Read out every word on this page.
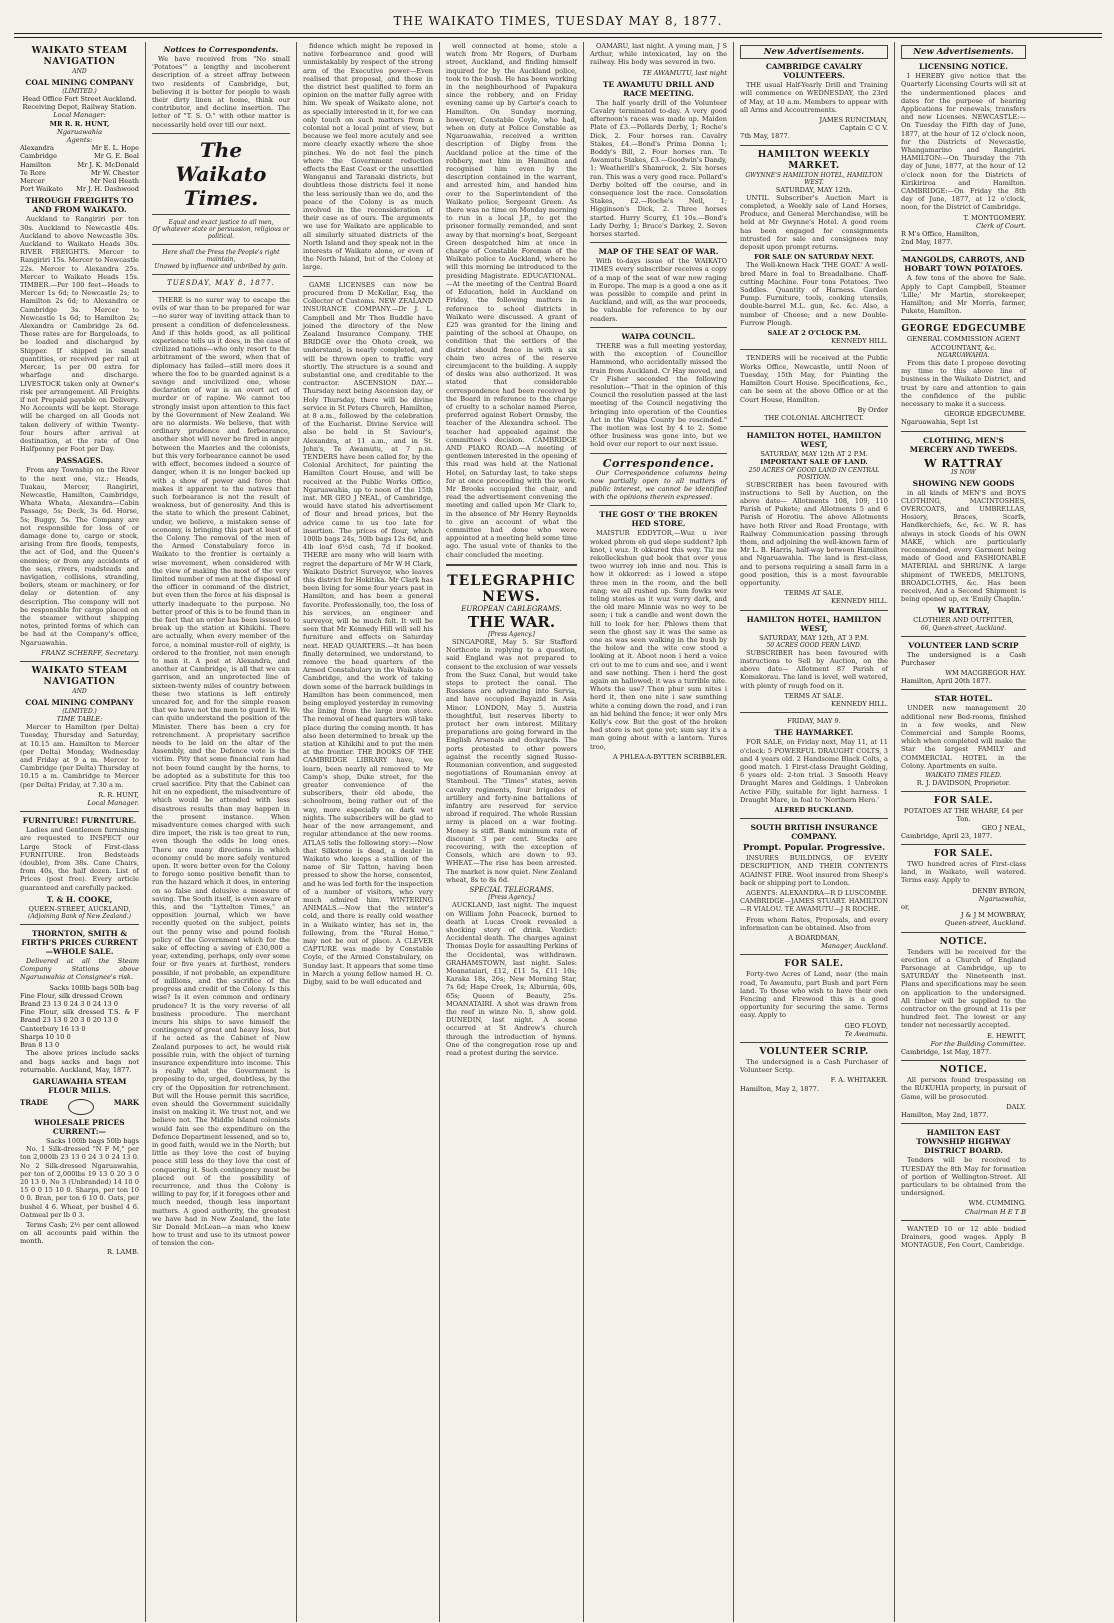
THE WAIKATO TIMES, TUESDAY MAY 8, 1877.
WAIKATO STEAM NAVIGATION
AND
COAL MINING COMPANY
(LIMITED.)
Head Office Fort Street Auckland.
Receiving Depot, Railway Station.
Local Manager:
MR R. R. HUNT,
Ngaruawahia
Agents:
Alexandra	Mr E. L. Hope
Cambridge	Mr G. E. Beal
Hamilton	Mr J. K. McDonald
Te Rore	Mr W. Chester
Mercer	Mr Neil Heath
Port Waikato Mr J. H. Dashwood
THROUGH FREIGHTS TO AND FROM WAIKATO.
Auckland to Rangiriri per ton 30s. Auckland to Newcastle 40s. Auckland to above Newcastle 30s. Auckland to Waikato Heads 30s. RIVER FREIGHTS. Mercer to Rangiriri 15s. Mercer to Newcastle 22s. Mercer to Alexandra 25s. Mercer to Waikato Heads 15s. TIMBER.—Per 100 feet—Heads to Mercer 1s 6d; to Newcastle 2s; to Hamilton 2s 6d; to Alexandra or Cambridge 3s. Mercer to Newcastle 1s 6d; to Hamilton 2s; Alexandra or Cambridge 2s 6d. These rates are for Bargeloads, to be loaded and discharged by Shipper. If shipped in small quantities, or received per rail at Mercer, 1s per 00 extra for wharfage and discharge. LIVESTOCK taken only at Owner's risk per arrangement. All Freights if not Prepaid payable on Delivery. No Accounts will be kept. Storage will be charged on all Goods not taken delivery of within Twenty-four hours after arrival at destination, at the rate of One Halfpenny per Foot per Day.
PASSAGES.
From any Township on the River to the next one, viz.: Heads, Tuakau, Mercer, Rangiriri, Newcastle, Hamilton, Cambridge, Whata Whata, Alexandra—Cabin Passage, 5s; Deck, 3s 6d. Horse, 5s; Buggy, 5s. The Company are not responsible for loss of or damage done to, cargo or stock, arising from fire floods, tempests, the act of God, and the Queen's enemies; or from any accidents of the seas, rivers, roadsteads and navigation, collisions, stranding, boilers, steam or machinery, or for delay or detention of any description. The company will not be responsible for cargo placed on the steamer without shipping notes, printed forms of which can be had at the Company's office, Ngaruawahia.
FRANZ SCHERFF, Secretary.
WAIKATO STEAM NAVIGATION
AND
COAL MINING COMPANY
(LIMITED.)
TIME TABLE:
Mercer to Hamilton (per Delta) Tuesday, Thursday and Saturday, at 10.15 am. Hamilton to Mercer (per Delta) Monday, Wednesday and Friday at 9 a m. Mercer to Cambridge (per Delta) Thursday at 10.15 a m. Cambridge to Mercer (per Delta) Friday, at 7.30 a m.
R. R. HUNT,
Local Manager.
FURNITURE! FURNITURE.
Ladies and Gentlemen furnishing are requested to INSPECT our Large Stock of First-class FURNITURE. Iron Bedsteads (double), from 38s. Cane Chairs, from 40s, the half dozen. List of Prices (post free). Every article guaranteed and carefully packed.
T. & H. COOKE,
QUEEN-STREET, AUCKLAND,
(Adjoining Bank of New Zealand.)
THORNTON, SMITH & FIRTH'S PRICES CURRENT—WHOLE SALE.
Delivered at all the Steam Company Stations above Ngaruawahia at Consignee's risk.
Sacks 100lb bags 50lb bag
Fine Flour, silk dressed Crown
Brand 23 13 0 24 3 0 24 13 0
Fine Flour, silk dressed T.S. & F Brand 23 13 0 20 3 0 20 13 0
Canterbury 16 13 0
Sharps 10 10 0
Bran 8 13 0
The above prices include sacks and bags sacks and bags not returnable. Auckland, May, 1877.
GARUAWAHIA STEAM FLOUR MILLS.
TRADE	MARK
WHOLESALE PRICES CURRENT:—
Sacks 100lb bags 50lb bags
No. 1 Silk-dressed "N F M," per ton 2,000lb 23 13 0 24 3 0 24 13 0. No 2 Silk-dressed Ngaruawahia, per ton of 2,000lbs 19 13 0 20 3 0 20 13 0. No 3 (Unbranded) 14 10 0 15 0 0 15 10 0. Sharps, per ton 10 0 0. Bran, per ton 6 10 0. Oats, per bushel 4 6. Wheat, per bushel 4 6. Oatmeal per lb 0 3.
Terms Cash; 2½ per cent allowed on all accounts paid within the month.
R. LAMB.
Notices to Correspondents.
We have received from "No small 'Potatoes'" a lengthy and incoherent description of a street affray between two residents of Cambridge, but, believing it is better for people to wash their dirty linen at home, think our contributor, and decline insertion. The letter of "T. S. O." with other matter is necessarily held over till our next.
The Waikato Times.
Equal and exact justice to all men,
Of whatever state or persuasion, religious or political.
Here shall the Press the People's right maintain,
Unawed by influence and unbribed by gain.
TUESDAY, MAY 8, 1877.
THERE is no surer way to escape the evils of war than to be prepared for war—no surer way of inviting attack than to present a condition of defencelessness. And if this holds good, as all political experience tells us it does, in the case of civilized nations—who only resort to the arbitrament of the sword, when that of diplomacy has failed—still more does it where the foe to be guarded against is a savage and uncivilized one, whose declaration of war is an overt act of murder or of rapine. We cannot too strongly insist upon attention to this fact by the Government of New Zealand. We are no alarmists. We believe, that with ordinary prudence and forbearance, another shot will never be fired in anger between the Maories and the colonists, but this very forbearance cannot be used with effect, becomes indeed a source of danger, when it is no longer backed up with a show of power and force that makes it apparent to the natives that such forbearance is not the result of weakness, but of generosity. And this is the state to which the present Cabinet, under, we believe, a mistaken sense of economy, is bringing this part at least of the Colony. The removal of the men of the Armed Constabulary force in Waikato to the frontier is certainly a wise movement, when considered with the view of making the most of the very limited number of men at the disposal of the officer in command of the district, but even then the force at his disposal is utterly inadequate to the purpose. No better proof of this is to be found than in the fact that an order has been issued to break up the station at Kihikihi. There are actually, when every member of the force, a nominal muster-roll of eighty, is ordered to the frontier, not men enough to man it. A post at Alexandra, and another at Cambridge, is all that we can garrison, and an unprotected line of sixteen-twenty miles of country between these two stations is left entirely uncared for, and for the simple reason that we have not the men to guard it. We can quite understand the position of the Minister. There has been a cry for retrenchment. A proprietary sacrifice needs to be laid on the altar of the Assembly, and the Defence vote is the victim. Pity that some financial ram had not been found caught by the horns, to be adopted as a substitute for this too cruel sacrifice. Pity that the Cabinet can hit on no expedient, the misadventure of which would be attended with less disastrous results than may happen in the present instance. When misadventure comes charged with such dire import, the risk is too great to run, even though the odds be long ones. There are many directions in which economy could be more safely ventured upon. It were better even for the Colony to forego some positive benefit than to run the hazard which it does, in entering on so false and delusive a measure of saving. The South itself, is even aware of this, and the "Lyttelton Times," an opposition journal, which we have recently quoted on the subject, points out the penny wise and pound foolish policy of the Government which for the sake of effecting a saving of £30,000 a year, extending, perhaps, only over some four or five years at furthest, renders possible, if not probable, an expenditure of millions, and the sacrifice of the progress and credit of the Colony. Is this wise? Is it even common and ordinary prudence? It is the very reverse of all business procedure. The merchant incurs his ships to save himself the contingency of great and heavy loss, but if he acted as the Cabinet of New Zealand purposes to act, he would risk possible ruin, with the object of turning insurance expenditure into income. This is really what the Government is proposing to do, urged, doubtless, by the cry of the Opposition for retrenchment. But will the House permit this sacrifice, even should the Government suicidally insist on making it. We trust not, and we believe not. The Middle Island colonists would fain see the expenditure on the Defence Department lessened, and so to, in good faith, would we in the North; but little as they love the cost of buying peace still less do they love the cost of conquering it. Such contingency must be placed out of the possibility of recurrence, and thus the Colony is willing to pay for, if it foregoes other and much needed, though less important matters. A good authority, the greatest we have had in New Zealand, the late Sir Donald McLean—a man who knew how to trust and use to its utmost power of tension the con-
fidence which might be reposed in native forbearance and good will unmistakably by respect of the strong arm of the Executive power—Even realised that proposal, and those in the district best qualified to form an opinion on the matter fully agree with him. We speak of Waikato alone, not as specially interested in it, for we can only touch on such matters from a colonial not a local point of view, but because we feel more acutely and see more clearly exactly where the shoe pinches. We do not feel the pinch where the Government reduction effects the East Coast or the unsettled Wanganui and Taranaki districts, but doubtless those districts feel it none the less seriously than we do, and the peace of the Colony is as much involved in the reconsideration of their case as of ours. The arguments we use for Waikato are applicable to all similarly situated districts of the North Island and they speak not in the interests of Waikato alone, or even of the North Island, but of the Colony at large.
GAME LICENSES can now be procured from D McKellar, Esq, the Collector of Customs. NEW ZEALAND INSURANCE COMPANY.—Dr J. L. Campbell and Mr Thos Buddle have joined the directory of the New Zealand Insurance Company. THE BRIDGE over the Ohoto creek, we understand, is nearly completed, and will be thrown open to traffic very shortly. The structure is a sound and substantial one, and creditable to the contractor. ASCENSION DAY.—Thursday next being Ascension day, or Holy Thursday, there will be divine service in St Peters Church, Hamilton, at 8 a.m., followed by the celebration of the Eucharist. Divine Service will also be held in St Saviour's, Alexandra, at 11 a.m., and in St. John's, Te Awamutu, at 7 p.m. TENDERS have been called for, by the Colonial Architect, for painting the Hamilton Court House, and will be received at the Public Works Office, Ngaruawahia, up to noon of the 15th inst. MR GEO J NEAL, of Cambridge, would have stated his advertisement of flour and bread prices, but the advice came to us too late for insertion. The prices of flour, which 100lb bags 24s, 50lb bags 12s 6d, and 4lb loaf 6½d cash, 7d if booked. THERE are many who will learn with regret the departure of Mr W H Clark, Waikato District Surveyor, who leaves this district for Hokitika. Mr Clark has been living for some four years past in Hamilton, and has been a general favorite. Professionally, too, the loss of his services, an engineer and surveyor, will be much felt. It will be seen that Mr Kennedy Hill will sell his furniture and effects on Saturday next. HEAD QUARTERS.—It has been finally determined, we understand, to remove the head quarters of the Armed Constabulary in the Waikato to Cambridge, and the work of taking down some of the barrack buildings in Hamilton has been commenced, men being employed yesterday in removing the lining from the large iron store. The removal of head quarters will take place during the coming month. It has also been determined to break up the station at Kihikihi and to put the men at the frontier. THE BOOKS OF THE CAMBRIDGE LIBRARY have, we learn, been nearly all removed to Mr Camp's shop, Duke street, for the greater convenience of the subscribers, their old abode, the schoolroom, being rather out of the way, more especially on dark wet nights. The subscribers will be glad to hear of the new arrangement, and regular attendance at the new rooms. ATLAS tells the following story:—Now that Silkstone is dead, a dealer in Waikato who keeps a stallion of the name of Sir Tatton, having been pressed to show the horse, consented, and he was led forth for the inspection of a number of visitors, who very much admired him. WINTERING ANIMALS.—Now that the winter's cold, and there is really cold weather in a Waikato winter, has set in, the following, from the "Rural Home," may not be out of place. A CLEVER CAPTURE was made by Constable Coyle, of the Armed Constabulary, on Sunday last. It appears that some time in March a young fellow named H. O. Digby, said to be well educated and
well connected at home, stole a watch from Mr Rogers, of Durham street, Auckland, and finding himself inquired for by the Auckland police, took to the bush. He has been working in the neighbourhood of Papakura since the robbery, and on Friday evening came up by Carter's coach to Hamilton. On Sunday morning, however, Constable Coyle, who had, when on duty at Police Constable as Ngaruawahia, received a written description of Digby from the Auckland police at the time of the robbery, met him in Hamilton and recognised him even by the description contained in the warrant, and arrested him, and handed him over to the Superintendent of the Waikato police, Sergeant Green. As there was no time on Monday morning to run in a local J.P., to get the prisoner formally remanded, and sent away by that morning's boat, Sergeant Green despatched him at once in charge of Constable Foreman of the Waikato police to Auckland, where he will this morning be introduced to the presiding Magistrate. EDUCATIONAL.—At the meeting of the Central Board of Education, held in Auckland on Friday, the following matters in reference to school districts in Waikato were discussed. A grant of £25 was granted for the lining and painting of the school at Ohaupo, on condition that the settlers of the district should fence in with a six chain two acres of the reserve circumjacent to the building. A supply of desks was also authorized. It was stated that considerable correspondence had been received by the Board in reference to the charge of cruelty to a scholar named Pierce, preferred against Robert Ormsby, the teacher of the Alexandra school. The teacher had appealed against the committee's decision. CAMBRIDGE AND PIAKO ROAD.—A meeting of gentlemen interested in the opening of this road was held at the National Hotel, on Saturday last, to take steps for at once proceeding with the work. Mr Brooks occupied the chair, and read the advertisement convening the meeting and called upon Mr Clark to, in the absence of Mr Henry Reynolds to give an account of what the committee had done who were appointed at a meeting held some time ago. The usual vote of thanks to the chair concluded the meeting.
TELEGRAPHIC NEWS.
EUROPEAN CABLEGRAMS.
THE WAR.
[Press Agency.]
SINGAPORE, May 5. Sir Stafford Northcote in replying to a question, said England was not prepared to consent to the exclusion of war vessels from the Suez Canal, but would take steps to protect the canal. The Russians are advancing into Servia, and have occupied Bayazid in Asia Minor. LONDON, May 5. Austria thoughtful, but reserves liberty to protect her own interest. Military preparations are going forward in the English Arsenals and dockyards. The ports protested to other powers against the recently signed Russo-Roumanian convention, and suggested negotiations of Roumanian envoy at Stamboul. The "Times" states, seven cavalry regiments, four brigades of artillery and forty-nine battalions of infantry are reserved for service abroad if required. The whole Russian army is placed on a war footing. Money is stiff. Bank minimum rate of discount 3 per cent. Stocks are recovering, with the exception of Consols, which are down to 93. WHEAT.—The rise has been arrested. The market is now quiet. New Zealand wheat, 8s to 8s 6d.
SPECIAL TELEGRAMS.
[Press Agency.]
AUCKLAND, last night. The inquest on William John Peacock, burned to death at Lucas Creek revealed a shocking story of drink. Verdict: Accidental death. The charges against Thomas Doyle for assaulting Perkins of the Occidental, was withdrawn. GRAHAMSTOWN, last night. Sales: Moanataiari, £12, £11 5s, £11 10s; Karaka 18s, 26s; New Morning Star, 7s 6d; Hape Creek, 1s; Alburnia, 60s, 65s; Queen of Beauty, 25s. MOANATAIRI. A shot was drawn from the reef in winze No. 5, show gold. DUNEDIN, last night. A scene occurred at St Andrew's church through the introduction of hymns. One of the congregation rose up and read a protest during the service.
OAMARU, last night. A young man, J S Arthur, while intoxicated, lay on the railway. His body was severed in two.
TE AWAMUTU, last night
TE AWAMUTU DRILL AND RACE MEETING.
The half yearly drill of the Volunteer Cavalry terminated to-day. A very good afternoon's races was made up. Maiden Plate of £3.—Pollards Derby, 1; Roche's Dick, 2. Four horses ran. Cavalry Stakes, £4.—Bond's Prima Donna 1; Boddy's Bill, 2. Four horses ran. Te Awamutu Stakes, £3.—Goodwin's Dandy, 1; Weatherill's Shamrock, 2. Six horses ran. This was a very good race. Pollard's Derby bolted off the course, and in consequence lost the race. Consolation Stakes, £2.—Roche's Nell, 1; Higginson's Dick, 2. Three horses started. Hurry Scurry, £1 10s.—Bond's Lady Derby, 1; Bruce's Darkey, 2. Seven horses started.
MAP OF THE SEAT OF WAR.
With to-days issue of the WAIKATO TIMES every subscriber receives a copy of a map of the seat of war now raging in Europe. The map is a good a one as it was possible to compile and print in Auckland, and will, as the war proceeds, be valuable for reference to by our readers.
WAIPA COUNCIL.
THERE was a full meeting yesterday, with the exception of Councillor Hammond, who accidentally missed the train from Auckland. Cr Hay moved, and Cr Fisher seconded the following resolution—"That in the opinion of this Council the resolution passed at the last meeting of the Council negativing the bringing into operation of the Counties Act in the Waipa County be rescinded." The motion was lost by 4 to 2. Some other business was gone into, but we hold over our report to our next issue.
Correspondence.
Our Correspondence columns being now partially open to all matters of public interest, we cannot be identified with the opinions therein expressed.
THE GOST O' THE BROKEN HED STORE.
MAISTUR EDDYTOR,—Wuz u iver woked phrom eh gud slepe suddent? Iph knot, i wuz. It okkured this wey. Tiz me rekolleckshun gud book that over yous twoo wurrey ioh inne and nou. This is how it okkorred: as i lowed a stepe three men in the room, and the bell rang; we all rushed up. Sum fowks wer teling stories as it wuz verry dark, and the old mare Minnie was no wey to be seen; i tuk a candle and went down the hill to look for her. Phlows them that seen the ghost say it was the same as one as was seen walking in the bush by the holow and the wite cow stood a looking at it. Aboot noon i herd a voice cri out to me to cum and see, and i went and saw nothing. Then i herd the gost again an hallowed; it was a turrible nite. Whots the use? Then phur sum nites i herd it, then one nite i saw sumthing white a coming down the road, and i ran an hid behind the fence; it wer only Mrs Kelly's cow. But the gost of the broken hed store is not gone yet; sum say it's a man going about with a lantern. Yures troo,
A PHLEA-A-BYTTEN SCRIBBLER.
New Advertisements.
CAMBRIDGE CAVALRY VOLUNTEERS.
THE usual Half-Yearly Drill and Training will commence on WEDNESDAY, the 23rd of May, at 10 a.m. Members to appear with all Arms and Accoutrements.
JAMES RUNCIMAN,
Captain C C V.
7th May, 1877.
HAMILTON WEEKLY MARKET.
GWYNNE'S HAMILTON HOTEL, HAMILTON WEST.
SATURDAY, MAY 12th.
UNTIL Subscriber's Auction Mart is completed, a Weekly sale of Land Horses, Produce, and General Merchandise, will be held at Mr Gwynne's Hotel. A good room has been engaged for consignments intrusted for sale and consignees may deposit upon prompt returns.
FOR SALE ON SATURDAY NEXT.
The Well-known Hack 'THE GOAT.' A well-bred Mare in foal to Breadalbane. Chaff-cutting Machine. Four tons Potatoes. Two Saddles. Quantity of Harness. Garden Pump. Furniture, tools, cooking utensils, double-barrel M.L. gun, &c. &c. Also, a number of Cheese; and a new Double-Furrow Plough.
SALE AT 2 O'CLOCK P.M.
KENNEDY HILL.
TENDERS will be received at the Public Works Office, Newcastle, until Noon of Tuesday, 15th May, for Painting the Hamilton Court House. Specifications, &c., can be seen at the above Office or at the Court House, Hamilton.
By Order
THE COLONIAL ARCHITECT.
HAMILTON HOTEL, HAMILTON WEST,
SATURDAY, MAY 12th AT 2 P.M.
IMPORTANT SALE OF LAND.
250 ACRES OF GOOD LAND IN CENTRAL POSITION.
SUBSCRIBER has been favoured with instructions to Sell by Auction, on the above date— Allotments 108, 109, 110 Parish of Pukete; and Allotments 5 and 6 Parish of Horotiu. The above Allotments have both River and Road Frontage, with Railway Communication passing through them, and adjoining the well-known farm of Mr L. B. Harris, half-way between Hamilton and Ngaruawahia. The land is first-class, and to persons requiring a small farm in a good position, this is a most favourable opportunity.
TERMS AT SALE.
KENNEDY HILL.
HAMILTON HOTEL, HAMILTON WEST,
SATURDAY, MAY 12th, AT 3 P.M.
50 ACRES GOOD FERN LAND.
SUBSCRIBER has been favoured with instructions to Sell by Auction, on the above date— Allotment 87 Parish of Komakorau. The land is level, well watered, with plenty of rough food on it.
TERMS AT SALE.
KENNEDY HILL.
FRIDAY, MAY 9.
THE HAYMARKET.
FOR SALE, on Friday next, May 11, at 11 o'clock: 5 POWERFUL DRAUGHT COLTS, 3 and 4 years old. 2 Handsome Black Colts, a good match. 1 First-class Draught Gelding, 6 years old: 2-ton trial. 3 Smooth Heavy Draught Mares and Geldings. 1 Unbroken Active Filly, suitable for light harness. 1 Draught Mare, in foal to 'Northern Hero.'
ALFRED BUCKLAND.
SOUTH BRITISH INSURANCE COMPANY.
Prompt. Popular. Progressive.
INSURES BUILDINGS, OF EVERY DESCRIPTION, AND THEIR CONTENTS AGAINST FIRE. Wool insured from Sheep's back or shipping port to London.
AGENTS: ALEXANDRA—R D LUSCOMBE. CAMBRIDGE—JAMES STUART. HAMILTON—R VIALOU. TE AWAMUTU—J R ROCHE.
From whom Rates, Proposals, and every information can be obtained. Also from
A BOARDMAN,
Manager, Auckland.
FOR SALE.
Forty-two Acres of Land, near (the main road, Te Awamutu, part Bush and part Fern land. To those who wish to have their own Fencing and Firewood this is a good opportunity for securing the same. Terms easy. Apply to
GEO FLOYD,
Te Awamutu.
VOLUNTEER SCRIP.
The undersigned is a Cash Purchaser of Volunteer Scrip.
F. A. WHITAKER.
Hamilton, May 2, 1877.
New Advertisements.
LICENSING NOTICE.
I HEREBY give notice that the Quarterly Licensing Courts will sit at the undermentioned places and dates for the purpose of hearing Applications for renewals, transfers and new Licenses. NEWCASTLE:—On Tuesday the Fifth day of June, 1877, at the hour of 12 o'clock noon, for the Districts of Newcastle, Whangamarino and Rangiriri. HAMILTON:—On Thursday the 7th day of June, 1877, at the hour of 12 o'clock noon for the Districts of Kirikiriroa and Hamilton. CAMBRIDGE:—On Friday the 8th day of June, 1877, at 12 o'clock, noon, for the District of Cambridge.
T. MONTGOMERY.
Clerk of Court.
R M's Office, Hamilton,
2nd May, 1877.
MANGOLDS, CARROTS, AND HOBART TOWN POTATOES.
A few tons of the above for Sale. Apply to Capt Campbell, Steamer 'Lille;' Mr Martin, storekeeper, Hamilton; and Mr Morris, farmer, Pukete, Hamilton.
GEORGE EDGECUMBE
GENERAL COMMISSION AGENT
ACCOUNTANT, &c.
NGARUAWAHIA.
From this date I propose devoting my time to this above line of business in the Waikato District, and trust by care and attention to gain the confidence of the public necessary to make it a success.
GEORGE EDGECUMBE.
Ngaruawahia, Sept 1st
CLOTHING, MEN'S MERCERY AND TWEEDS.
W RATTRAY
IS NOW
SHOWING NEW GOODS
in all kinds of MEN'S and BOYS CLOTHING, MACINTOSHES, OVERCOATS, and UMBRELLAS, Hosiery, Braces, Scarfs, Handkerchiefs, &c, &c. W. R. has always in stock Goods of his OWN MAKE, which are particularly recommended, every Garment being made of Good and FASHIONABLE MATERIAL and SHRUNK. A large shipment of TWEEDS, MELTONS, BROADCLOTHS, &c. Has been received, And a Second Shipment is being opened up, ex 'Emily Chaplin.'
W RATTRAY,
CLOTHIER AND OUTFITTER,
66, Queen-street, Auckland.
VOLUNTEER LAND SCRIP
The undersigned is a Cash Purchaser
WM MACGREGOR HAY.
Hamilton, April 20th 1877.
STAR HOTEL.
UNDER new management 20 additional new Bed-rooms, finished in a few weeks, and New Commercial and Sample Rooms, which when completed will make the Star the largest FAMILY and COMMERCIAL HOTEL in the Colony. Apartments en suite.
WAIKATO TIMES FILED.
R. J. DAVIDSON, Proprietor.
FOR SALE.
POTATOES AT THE WHARF, £4 per Ton.
GEO J NEAL,
Cambridge, April 23, 1877.
FOR SALE.
TWO hundred acres of First-class land, in Waikato, well watered. Terms easy. Apply to
DENBY BYRON,
Ngaruawahia,
or,
J & J M MOWBRAY,
Queen-street, Auckland.
NOTICE.
Tenders will be received for the erection of a Church of England Parsonage at Cambridge, up to SATURDAY the Nineteenth inst. Plans and specifications may be seen on application to the undersigned. All timber will be supplied to the contractor on the ground at 11s per hundred feet. The lowest or any tender not necessarily accepted.
E. HEWITT,
For the Building Committee.
Cambridge, 1st May, 1877.
NOTICE.
All persons found trespassing on the RUKUHIA property, in pursuit of Game, will be prosecuted.
DALY.
Hamilton, May 2nd, 1877.
HAMILTON EAST TOWNSHIP HIGHWAY DISTRICT BOARD.
Tenders will be received to TUESDAY the 8th May for formation of portion of Wellington-Street. All particulars to be obtained from the undersigned.
WM. CUMMING.
Chairman H E T B
WANTED 10 or 12 able bodied Drainers, good wages. Apply B MONTAGUE, Fen Court, Cambridge.
